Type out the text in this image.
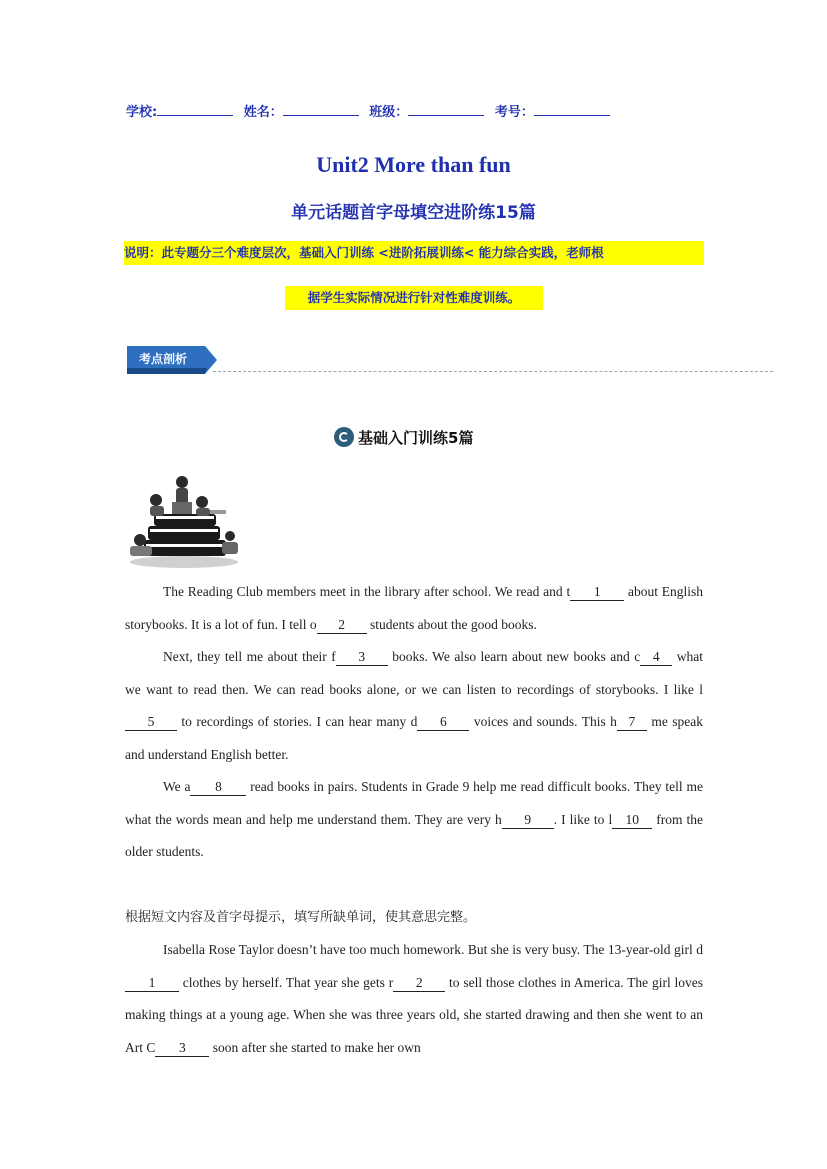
学校:	姓名：	班级：	考号：
Unit2 More than fun
单元话题首字母填空进阶练15篇
说明：此专题分三个难度层次，基础入门训练 <进阶拓展训练< 能力综合实践，老师根
据学生实际情况进行针对性难度训练。
考点剖析
基础入门训练5篇
The Reading Club members meet in the library after school. We read and t 1 about English storybooks. It is a lot of fun. I tell o 2 students about the good books.
Next, they tell me about their f 3 books. We also learn about new books and c 4 what we want to read then. We can read books alone, or we can listen to recordings of storybooks. I like l5 to recordings of stories. I can hear many d 6 voices and sounds. This h 7 me speak and understand English better.
We a 8 read books in pairs. Students in Grade 9 help me read difficult books. They tell me what the words mean and help me understand them. They are very h 9 . I like to l 10 from the older students.
根据短文内容及首字母提示，填写所缺单词，使其意思完整。
Isabella Rose Taylor doesn’t have too much homework. But she is very busy. The 13-year-old girl d1 clothes by herself. That year she gets r 2 to sell those clothes in America. The girl loves making things at a young age. When she was three years old, she started drawing and then she went to an Art C 3 soon after she started to make her own
